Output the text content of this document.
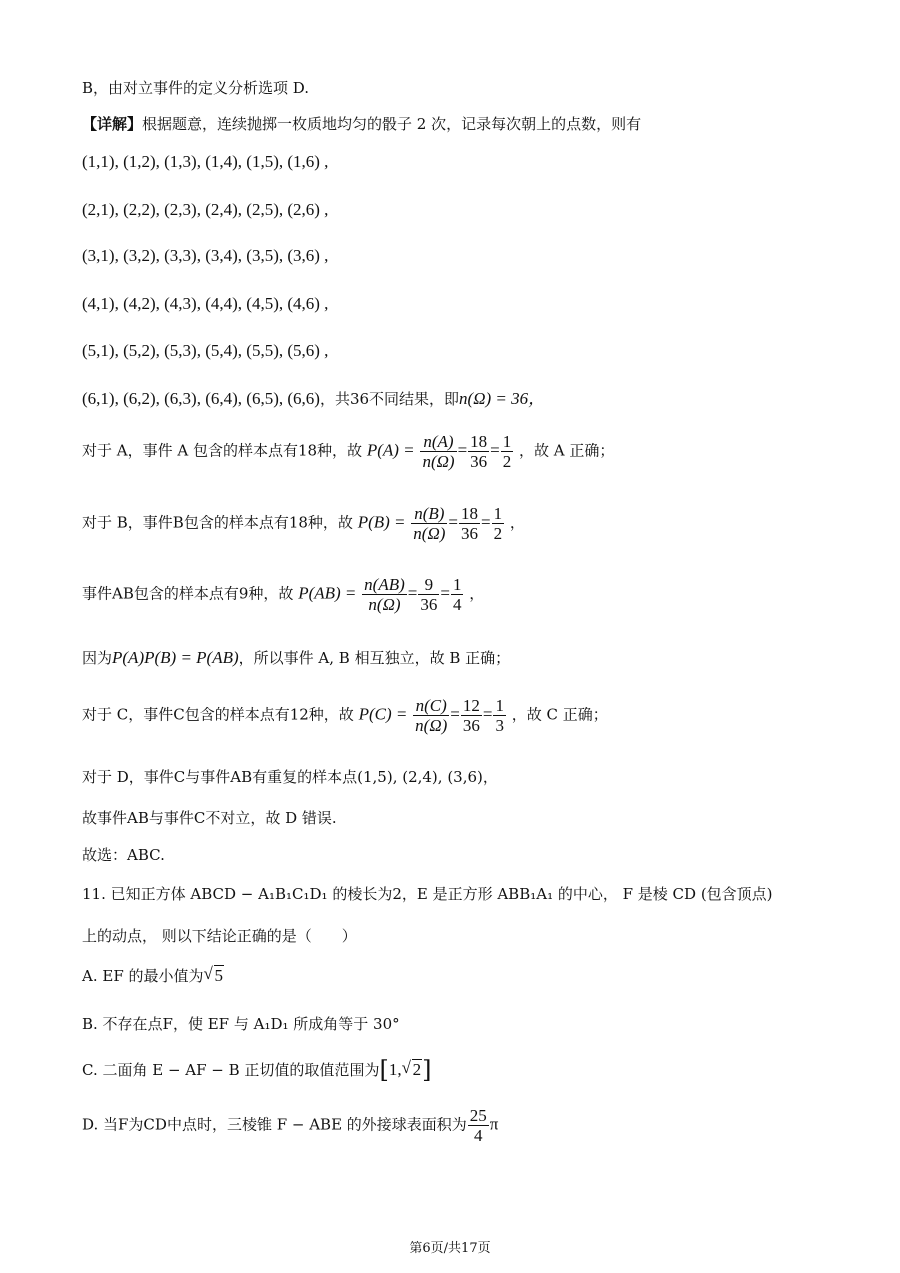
B，由对立事件的定义分析选项 D.
【详解】根据题意，连续抛掷一枚质地均匀的骰子 2 次，记录每次朝上的点数，则有
(1,1), (1,2), (1,3), (1,4), (1,5), (1,6) ,
(2,1), (2,2), (2,3), (2,4), (2,5), (2,6) ,
(3,1), (3,2), (3,3), (3,4), (3,5), (3,6) ,
(4,1), (4,2), (4,3), (4,4), (4,5), (4,6) ,
(5,1), (5,2), (5,3), (5,4), (5,5), (5,6) ,
(6,1), (6,2), (6,3), (6,4), (6,5), (6,6)，共36不同结果，即n(Ω) = 36，
对于 A，事件 A 包含的样本点有18种，故 $P(A) = \frac{n(A)}{n(\Omega)} = \frac{18}{36} = \frac{1}{2}$ ，故 A 正确；
对于 B，事件B包含的样本点有18种，故 $P(B) = \frac{n(B)}{n(\Omega)} = \frac{18}{36} = \frac{1}{2}$ ，
事件AB包含的样本点有9种，故 $P(AB) = \frac{n(AB)}{n(\Omega)} = \frac{9}{36} = \frac{1}{4}$ ，
因为P(A)P(B) = P(AB)，所以事件 A, B 相互独立，故 B 正确；
对于 C，事件C包含的样本点有12种，故 $P(C) = \frac{n(C)}{n(\Omega)} = \frac{12}{36} = \frac{1}{3}$ ，故 C 正确；
对于 D，事件C与事件AB有重复的样本点(1,5), (2,4), (3,6)，
故事件AB与事件C不对立，故 D 错误.
故选：ABC.
11. 已知正方体 ABCD − A₁B₁C₁D₁ 的棱长为2，E 是正方形 ABB₁A₁ 的中心， F 是棱 CD (包含顶点)
上的动点， 则以下结论正确的是（　　）
A. EF 的最小值为 √ 5
B. 不存在点F，使 EF 与 A₁D₁ 所成角等于 30°
C. 二面角 E − AF − B 正切值的取值范围为[1, √ 2]
D. 当F为CD中点时，三棱锥 F − ABE 的外接球表面积为 $\frac{25}{4}$ π
第6页/共17页
